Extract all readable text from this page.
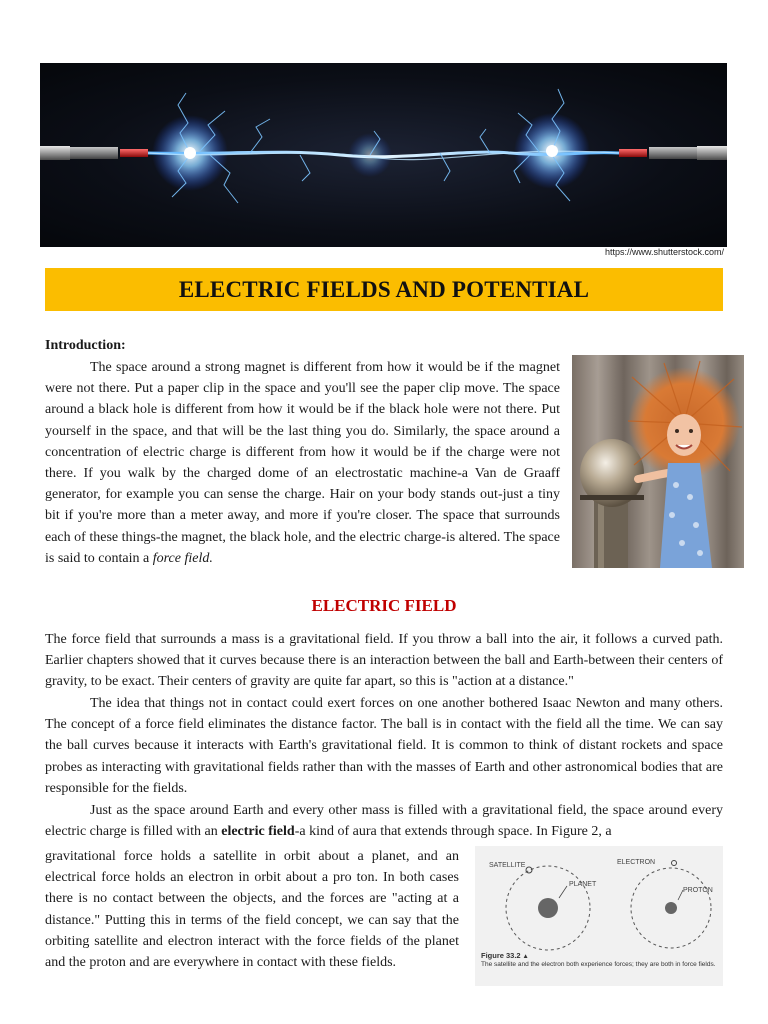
https://www.shutterstock.com/
ELECTRIC FIELDS AND POTENTIAL
Introduction:

The space around a strong magnet is different from how it would be if the magnet were not there. Put a paper clip in the space and you'll see the paper clip move. The space around a black hole is different from how it would be if the black hole were not there. Put yourself in the space, and that will be the last thing you do. Similarly, the space around a concentration of electric charge is different from how it would be if the charge were not there. If you walk by the charged dome of an electrostatic machine-a Van de Graaff generator, for example you can sense the charge. Hair on your body stands out-just a tiny bit if you're more than a meter away, and more if you're closer. The space that surrounds each of these things-the magnet, the black hole, and the electric charge-is altered. The space is said to contain a force field.

ELECTRIC FIELD

The force field that surrounds a mass is a gravitational field. If you throw a ball into the air, it follows a curved path. Earlier chapters showed that it curves because there is an interaction between the ball and Earth-between their centers of gravity, to be exact. Their centers of gravity are quite far apart, so this is "action at a distance."

The idea that things not in contact could exert forces on one another bothered Isaac Newton and many others. The concept of a force field eliminates the distance factor. The ball is in contact with the field all the time. We can say the ball curves because it interacts with Earth's gravitational field. It is common to think of distant rockets and space probes as interacting with gravitational fields rather than with the masses of Earth and other astronomical bodies that are responsible for the fields.

Just as the space around Earth and every other mass is filled with a gravitational field, the space around every electric charge is filled with an electric field-a kind of aura that extends through space. In Figure 2, a

gravitational force holds a satellite in orbit about a planet, and an electrical force holds an electron in orbit about a pro ton. In both cases there is no contact between the objects, and the forces are "acting at a distance." Putting this in terms of the field concept, we can say that the orbiting satellite and electron interact with the force fields of the planet and the proton and are everywhere in contact with these fields.

SATELLITE
PLANET
ELECTRON
PROTON
Figure 33.2 ▲
The satellite and the electron both experience forces; they are both in force fields.
